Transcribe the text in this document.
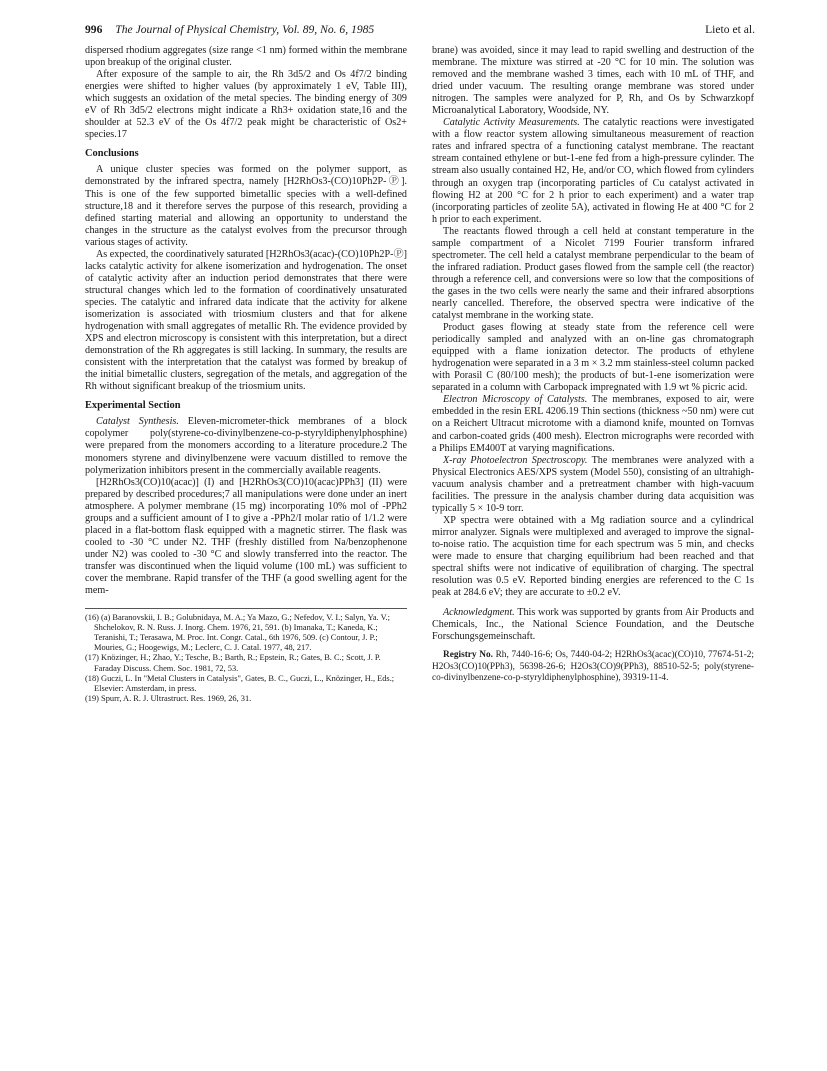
996 The Journal of Physical Chemistry, Vol. 89, No. 6, 1985	Lieto et al.

dispersed rhodium aggregates (size range <1 nm) formed within the membrane upon breakup of the original cluster.

After exposure of the sample to air, the Rh 3d5/2 and Os 4f7/2 binding energies were shifted to higher values (by approximately 1 eV, Table III), which suggests an oxidation of the metal species. The binding energy of 309 eV of Rh 3d5/2 electrons might indicate a Rh3+ oxidation state,16 and the shoulder at 52.3 eV of the Os 4f7/2 peak might be characteristic of Os2+ species.17

Conclusions

A unique cluster species was formed on the polymer support, as demonstrated by the infrared spectra, namely [H2RhOs3-(CO)10Ph2P-Ⓟ]. This is one of the few supported bimetallic species with a well-defined structure,18 and it therefore serves the purpose of this research, providing a defined starting material and allowing an opportunity to understand the changes in the structure as the catalyst evolves from the precursor through various stages of activity.

As expected, the coordinatively saturated [H2RhOs3(acac)-(CO)10Ph2P-Ⓟ] lacks catalytic activity for alkene isomerization and hydrogenation. The onset of catalytic activity after an induction period demonstrates that there were structural changes which led to the formation of coordinatively unsaturated species. The catalytic and infrared data indicate that the activity for alkene isomerization is associated with triosmium clusters and that for alkene hydrogenation with small aggregates of metallic Rh. The evidence provided by XPS and electron microscopy is consistent with this interpretation, but a direct demonstration of the Rh aggregates is still lacking. In summary, the results are consistent with the interpretation that the catalyst was formed by breakup of the initial bimetallic clusters, segregation of the metals, and aggregation of the Rh without significant breakup of the triosmium units.

Experimental Section

Catalyst Synthesis. Eleven-micrometer-thick membranes of a block copolymer poly(styrene-co-divinylbenzene-co-p-styryldiphenylphosphine) were prepared from the monomers according to a literature procedure.2 The monomers styrene and divinylbenzene were vacuum distilled to remove the polymerization inhibitors present in the commercially available reagents.

[H2RhOs3(CO)10(acac)] (I) and [H2RhOs3(CO)10(acac)PPh3] (II) were prepared by described procedures;7 all manipulations were done under an inert atmosphere. A polymer membrane (15 mg) incorporating 10% mol of -PPh2 groups and a sufficient amount of I to give a -PPh2/I molar ratio of 1/1.2 were placed in a flat-bottom flask equipped with a magnetic stirrer. The flask was cooled to -30 °C under N2. THF (freshly distilled from Na/benzophenone under N2) was cooled to -30 °C and slowly transferred into the reactor. The transfer was discontinued when the liquid volume (100 mL) was sufficient to cover the membrane. Rapid transfer of the THF (a good swelling agent for the mem-

(16) (a) Baranovskii, I. B.; Golubnidaya, M. A.; Ya Mazo, G.; Nefedov, V. I.; Salyn, Ya. V.; Shchelokov, R. N. Russ. J. Inorg. Chem. 1976, 21, 591. (b) Imanaka, T.; Kaneda, K.; Teranishi, T.; Terasawa, M. Proc. Int. Congr. Catal., 6th 1976, 509. (c) Contour, J. P.; Mouries, G.; Hoogewigs, M.; Leclerc, C. J. Catal. 1977, 48, 217.

(17) Knözinger, H.; Zhao, Y.; Tesche, B.; Barth, R.; Epstein, R.; Gates, B. C.; Scott, J. P. Faraday Discuss. Chem. Soc. 1981, 72, 53.

(18) Guczi, L. In "Metal Clusters in Catalysis", Gates, B. C., Guczi, L., Knözinger, H., Eds.; Elsevier: Amsterdam, in press.

(19) Spurr, A. R. J. Ultrastruct. Res. 1969, 26, 31.

brane) was avoided, since it may lead to rapid swelling and destruction of the membrane. The mixture was stirred at -20 °C for 10 min. The solution was removed and the membrane washed 3 times, each with 10 mL of THF, and dried under vacuum. The resulting orange membrane was stored under nitrogen. The samples were analyzed for P, Rh, and Os by Schwarzkopf Microanalytical Laboratory, Woodside, NY.

Catalytic Activity Measurements. The catalytic reactions were investigated with a flow reactor system allowing simultaneous measurement of reaction rates and infrared spectra of a functioning catalyst membrane. The reactant stream contained ethylene or but-1-ene fed from a high-pressure cylinder. The stream also usually contained H2, He, and/or CO, which flowed from cylinders through an oxygen trap (incorporating particles of Cu catalyst activated in flowing H2 at 200 °C for 2 h prior to each experiment) and a water trap (incorporating particles of zeolite 5A), activated in flowing He at 400 °C for 2 h prior to each experiment.

The reactants flowed through a cell held at constant temperature in the sample compartment of a Nicolet 7199 Fourier transform infrared spectrometer. The cell held a catalyst membrane perpendicular to the beam of the infrared radiation. Product gases flowed from the sample cell (the reactor) through a reference cell, and conversions were so low that the compositions of the gases in the two cells were nearly the same and their infrared absorptions nearly cancelled. Therefore, the observed spectra were indicative of the catalyst membrane in the working state.

Product gases flowing at steady state from the reference cell were periodically sampled and analyzed with an on-line gas chromatograph equipped with a flame ionization detector. The products of ethylene hydrogenation were separated in a 3 m × 3.2 mm stainless-steel column packed with Porasil C (80/100 mesh); the products of but-1-ene isomerization were separated in a column with Carbopack impregnated with 1.9 wt % picric acid.

Electron Microscopy of Catalysts. The membranes, exposed to air, were embedded in the resin ERL 4206.19 Thin sections (thickness ~50 nm) were cut on a Reichert Ultracut microtome with a diamond knife, mounted on Tornvas and carbon-coated grids (400 mesh). Electron micrographs were recorded with a Philips EM400T at varying magnifications.

X-ray Photoelectron Spectroscopy. The membranes were analyzed with a Physical Electronics AES/XPS system (Model 550), consisting of an ultrahigh-vacuum analysis chamber and a pretreatment chamber with high-vacuum facilities. The pressure in the analysis chamber during data acquisition was typically 5 × 10-9 torr.

XP spectra were obtained with a Mg radiation source and a cylindrical mirror analyzer. Signals were multiplexed and averaged to improve the signal-to-noise ratio. The acquistion time for each spectrum was 5 min, and checks were made to ensure that charging equilibrium had been reached and that spectral shifts were not indicative of equilibration of charging. The spectral resolution was 0.5 eV. Reported binding energies are referenced to the C 1s peak at 284.6 eV; they are accurate to ±0.2 eV.

Acknowledgment. This work was supported by grants from Air Products and Chemicals, Inc., the National Science Foundation, and the Deutsche Forschungsgemeinschaft.

Registry No. Rh, 7440-16-6; Os, 7440-04-2; H2RhOs3(acac)(CO)10, 77674-51-2; H2Os3(CO)10(PPh3), 56398-26-6; H2Os3(CO)9(PPh3), 88510-52-5; poly(styrene-co-divinylbenzene-co-p-styryldiphenylphosphine), 39319-11-4.
